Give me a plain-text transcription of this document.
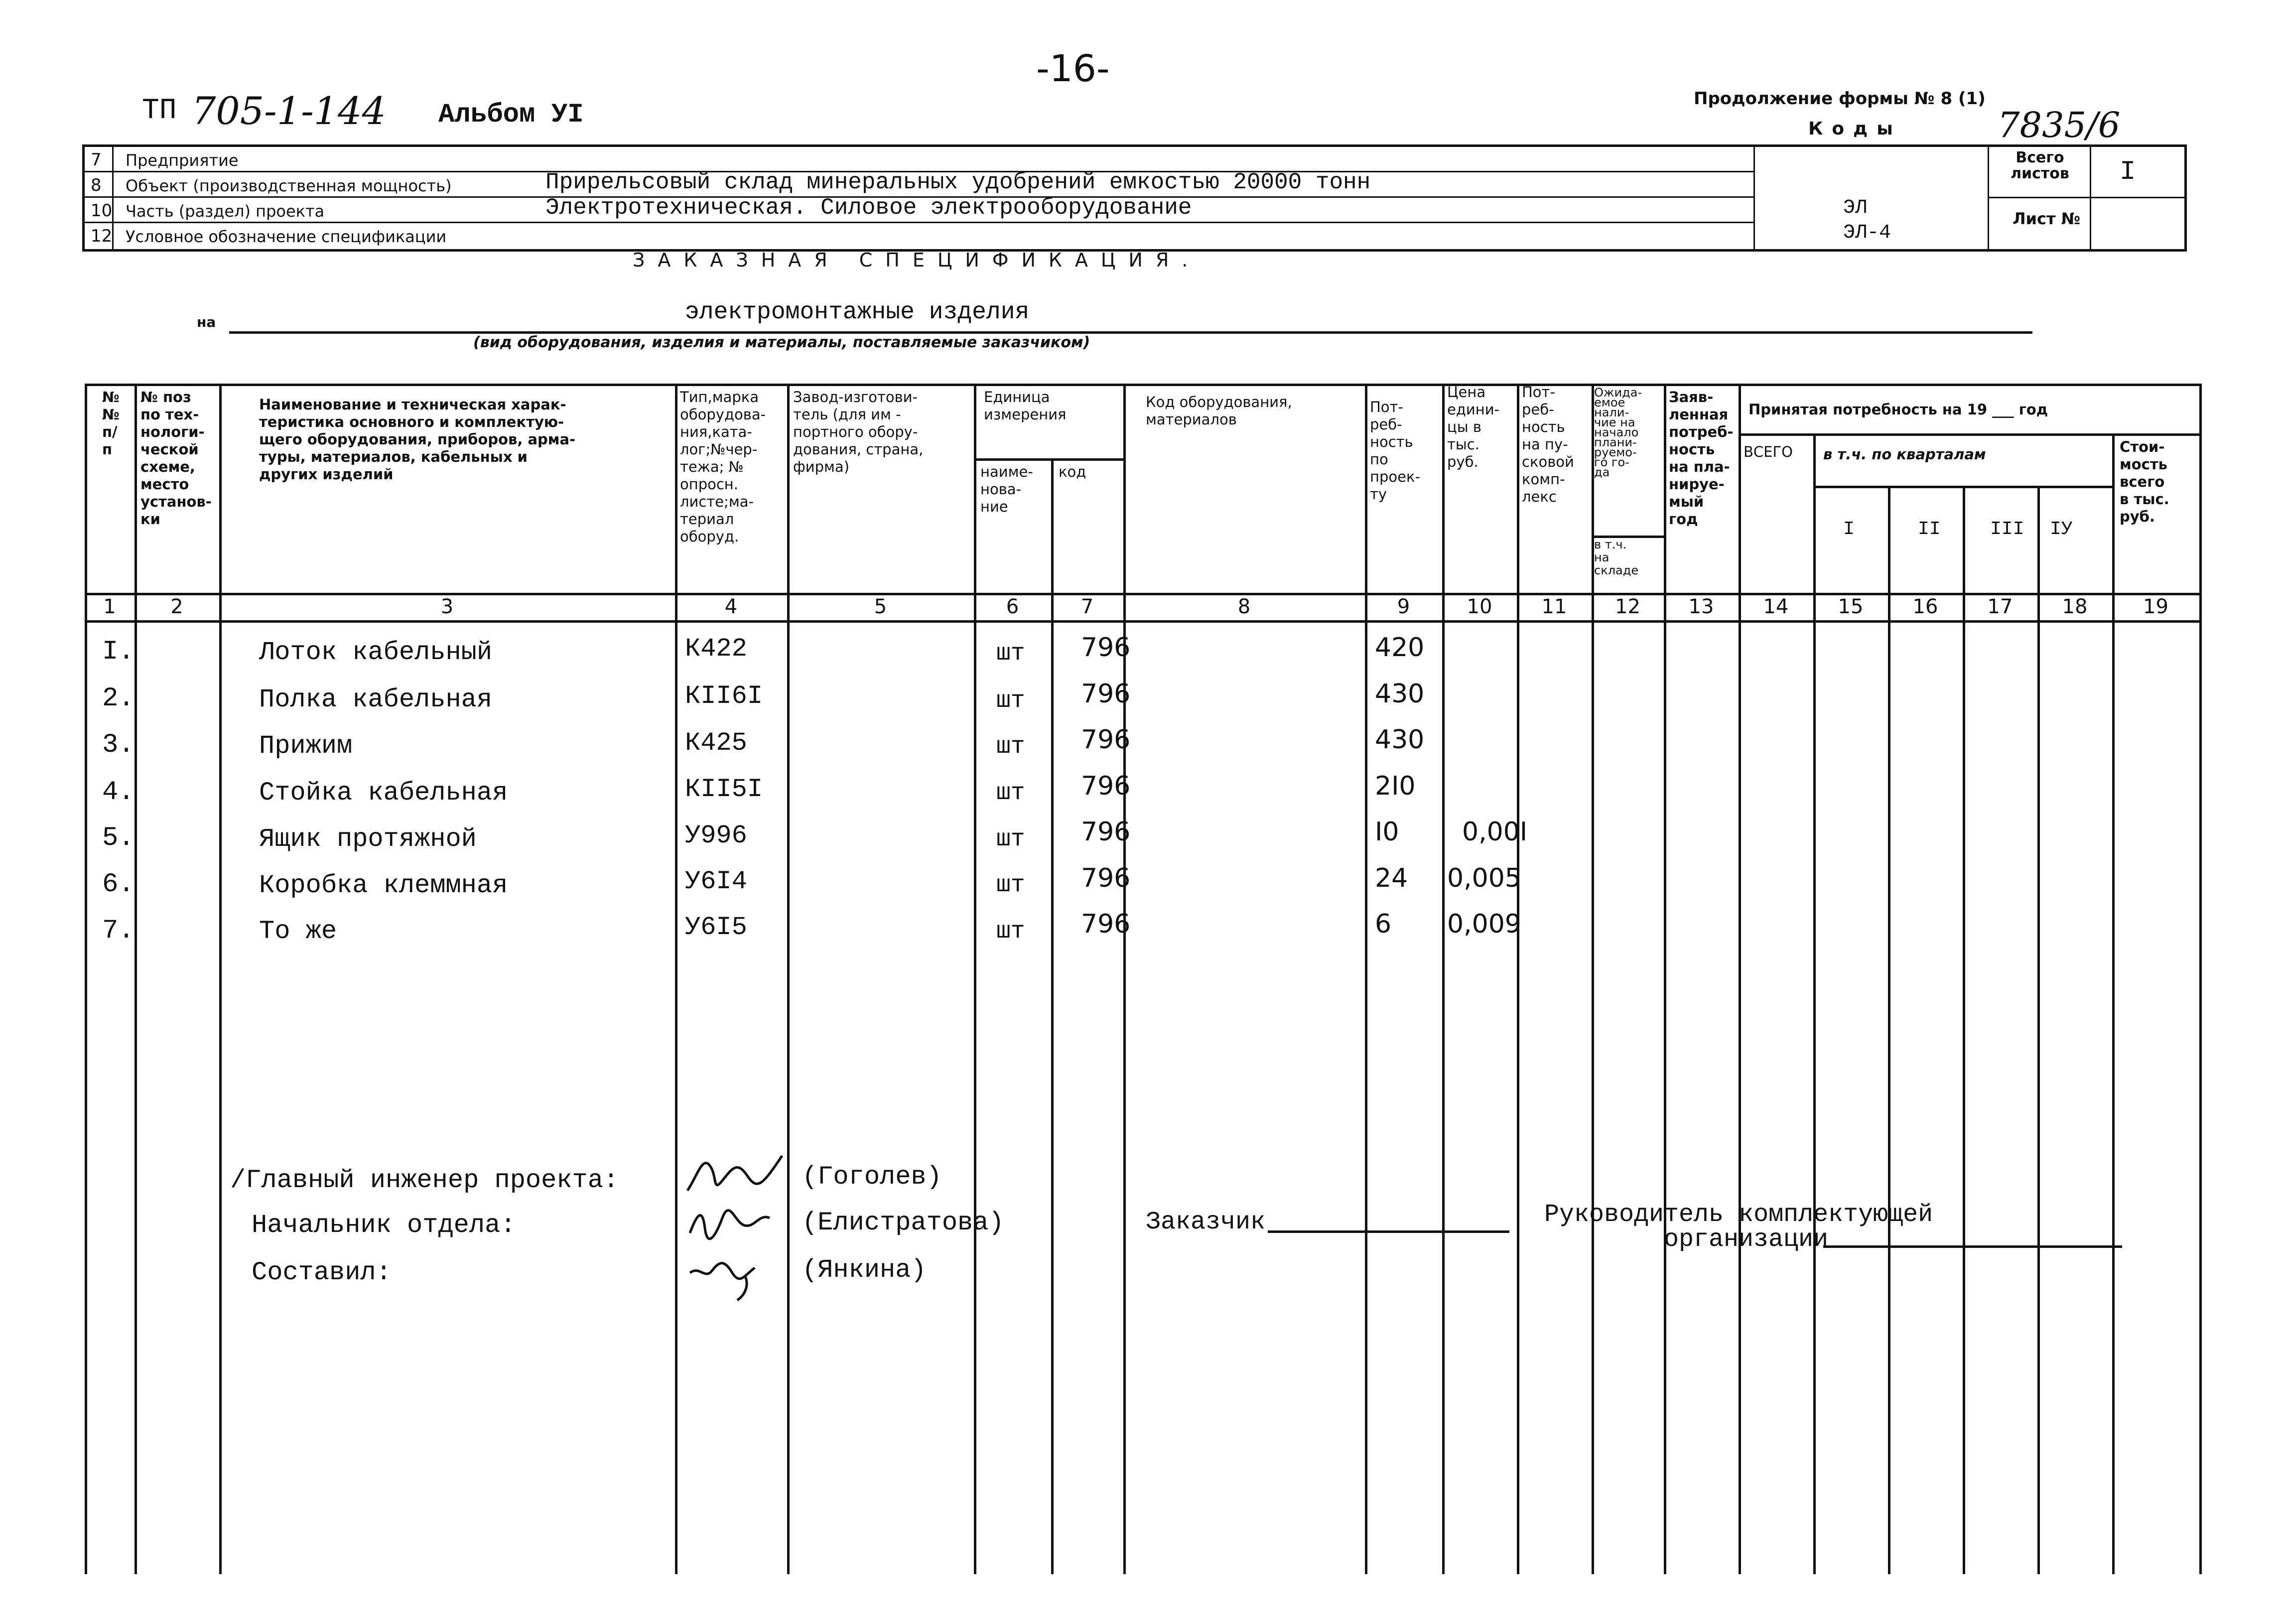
-16-
ТП 705-1-144 Альбом УI
Продолжение формы № 8 (1)
Коды	7835/6
7 Предприятие
8 Объект (производственная мощность)	Прирельсовый склад минеральных удобрений емкостью 20000 тонн
10 Часть (раздел) проекта	Электротехническая. Силовое электрооборудование
12 Условное обозначение спецификации
ЭЛ
ЭЛ-4
Всего листов	I
Лист №
ЗАКАЗНАЯ СПЕЦИФИКАЦИЯ.
на	электромонтажные изделия
(вид оборудования, изделия и материалы, поставляемые заказчиком)
№
№
п/
п
№ поз
по тех-
нологи-
ческой
схеме,
место
установ-
ки
Наименование и техническая харак-
теристика основного и комплектую-
щего оборудования, приборов, арма-
туры, материалов, кабельных и
других изделий
Тип,марка
оборудова-
ния,ката-
лог;№чер-
тежа; №
опросн.
листе;ма-
териал
оборуд.
Завод-изготови-
тель (для им -
портного обору-
дования, страна,
фирма)
Единица
измерения
наиме-
нова-
ние
код
Код оборудования,
материалов
Пот-
реб-
ность
по
проек-
ту
Цена
едини-
цы в
тыс.
руб.
Пот-
реб-
ность
на пу-
сковой
комп-
лекс
Ожида-
емое
нали-
чие на
начало
плани-
руемо-
го го-
да
в т.ч.
на
складе
Заяв-
ленная
потреб-
ность
на пла-
нируе-
мый
год
Принятая потребность на 19 ___ год
ВСЕГО в т.ч. по кварталам
I	II	III IУ
Стои-
мость
всего
в тыс.
руб.
1	2	3	4	5	6	7	8	9	10	11	12	13	14	15	16	17	18	19
I.	Лоток кабельный	К422	шт 796	420
2.	Полка кабельная	КII6I	шт 796	430
3.	Прижим	К425	шт 796	430
4.	Стойка кабельная	КII5I	шт 796	2I0
5.	Ящик протяжной	У996	шт 796	I0 0,00I
6.	Коробка клеммная	У6I4	шт 796	24 0,005
7.	То же	У6I5	шт 796	6 0,009
/Главный инженер проекта:	(Гоголев)
Начальник отдела:	(Елистратова)
Составил:	(Янкина)
Заказчик	Руководитель комплектующей
организации
